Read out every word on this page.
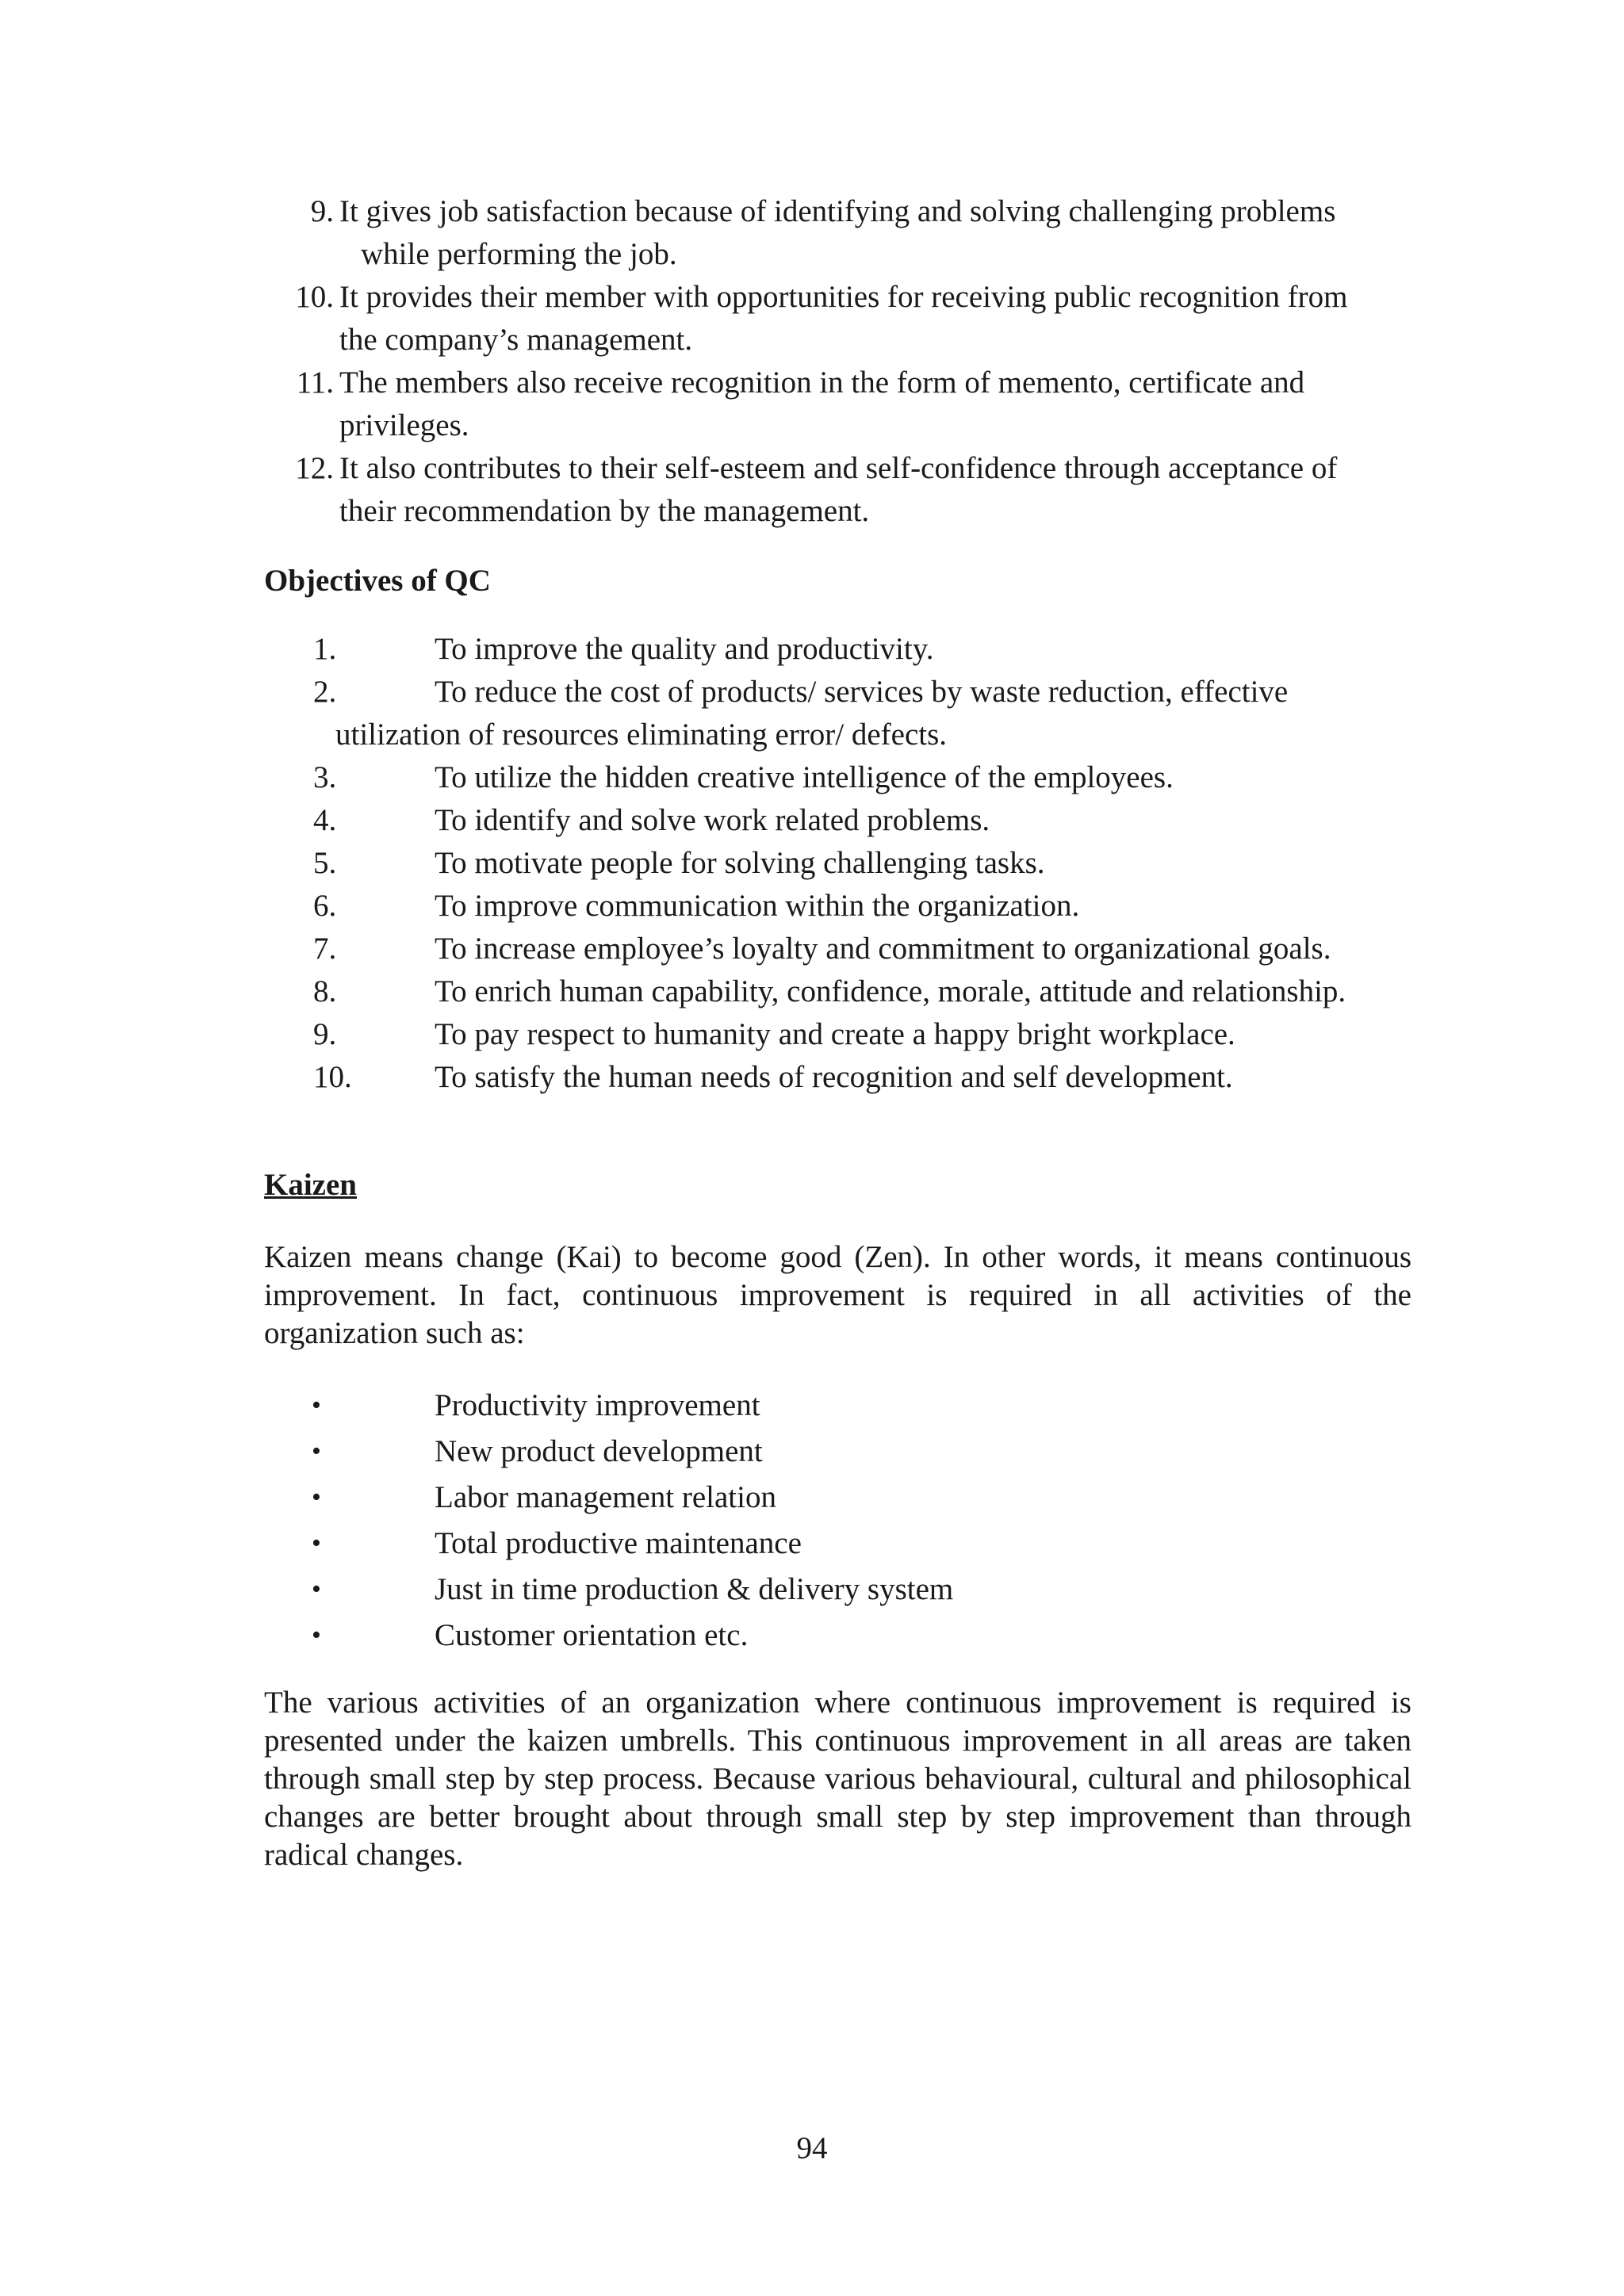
9. It gives job satisfaction because of identifying and solving challenging problems
while performing the job.
10. It provides their member with opportunities for receiving public recognition from
the company’s management.
11. The members also receive recognition in the form of memento, certificate and
privileges.
12. It also contributes to their self-esteem and self-confidence through acceptance of
their recommendation by the management.
Objectives of QC
1.	To improve the quality and productivity.
2.	To reduce the cost of products/ services by waste reduction, effective
utilization of resources eliminating error/ defects.
3.	To utilize the hidden creative intelligence of the employees.
4.	To identify and solve work related problems.
5.	To motivate people for solving challenging tasks.
6.	To improve communication within the organization.
7.	To increase employee’s loyalty and commitment to organizational goals.
8.	To enrich human capability, confidence, morale, attitude and relationship.
9.	To pay respect to humanity and create a happy bright workplace.
10.	To satisfy the human needs of recognition and self development.
Kaizen

Kaizen means change (Kai) to become good (Zen). In other words, it means continuous improvement. In fact, continuous improvement is required in all activities of the organization such as:

•	Productivity improvement
•	New product development
•	Labor management relation
•	Total productive maintenance
•	Just in time production & delivery system
•	Customer orientation etc.

The various activities of an organization where continuous improvement is required is presented under the kaizen umbrells. This continuous improvement in all areas are taken through small step by step process. Because various behavioural, cultural and philosophical changes are better brought about through small step by step improvement than through radical changes.

94
